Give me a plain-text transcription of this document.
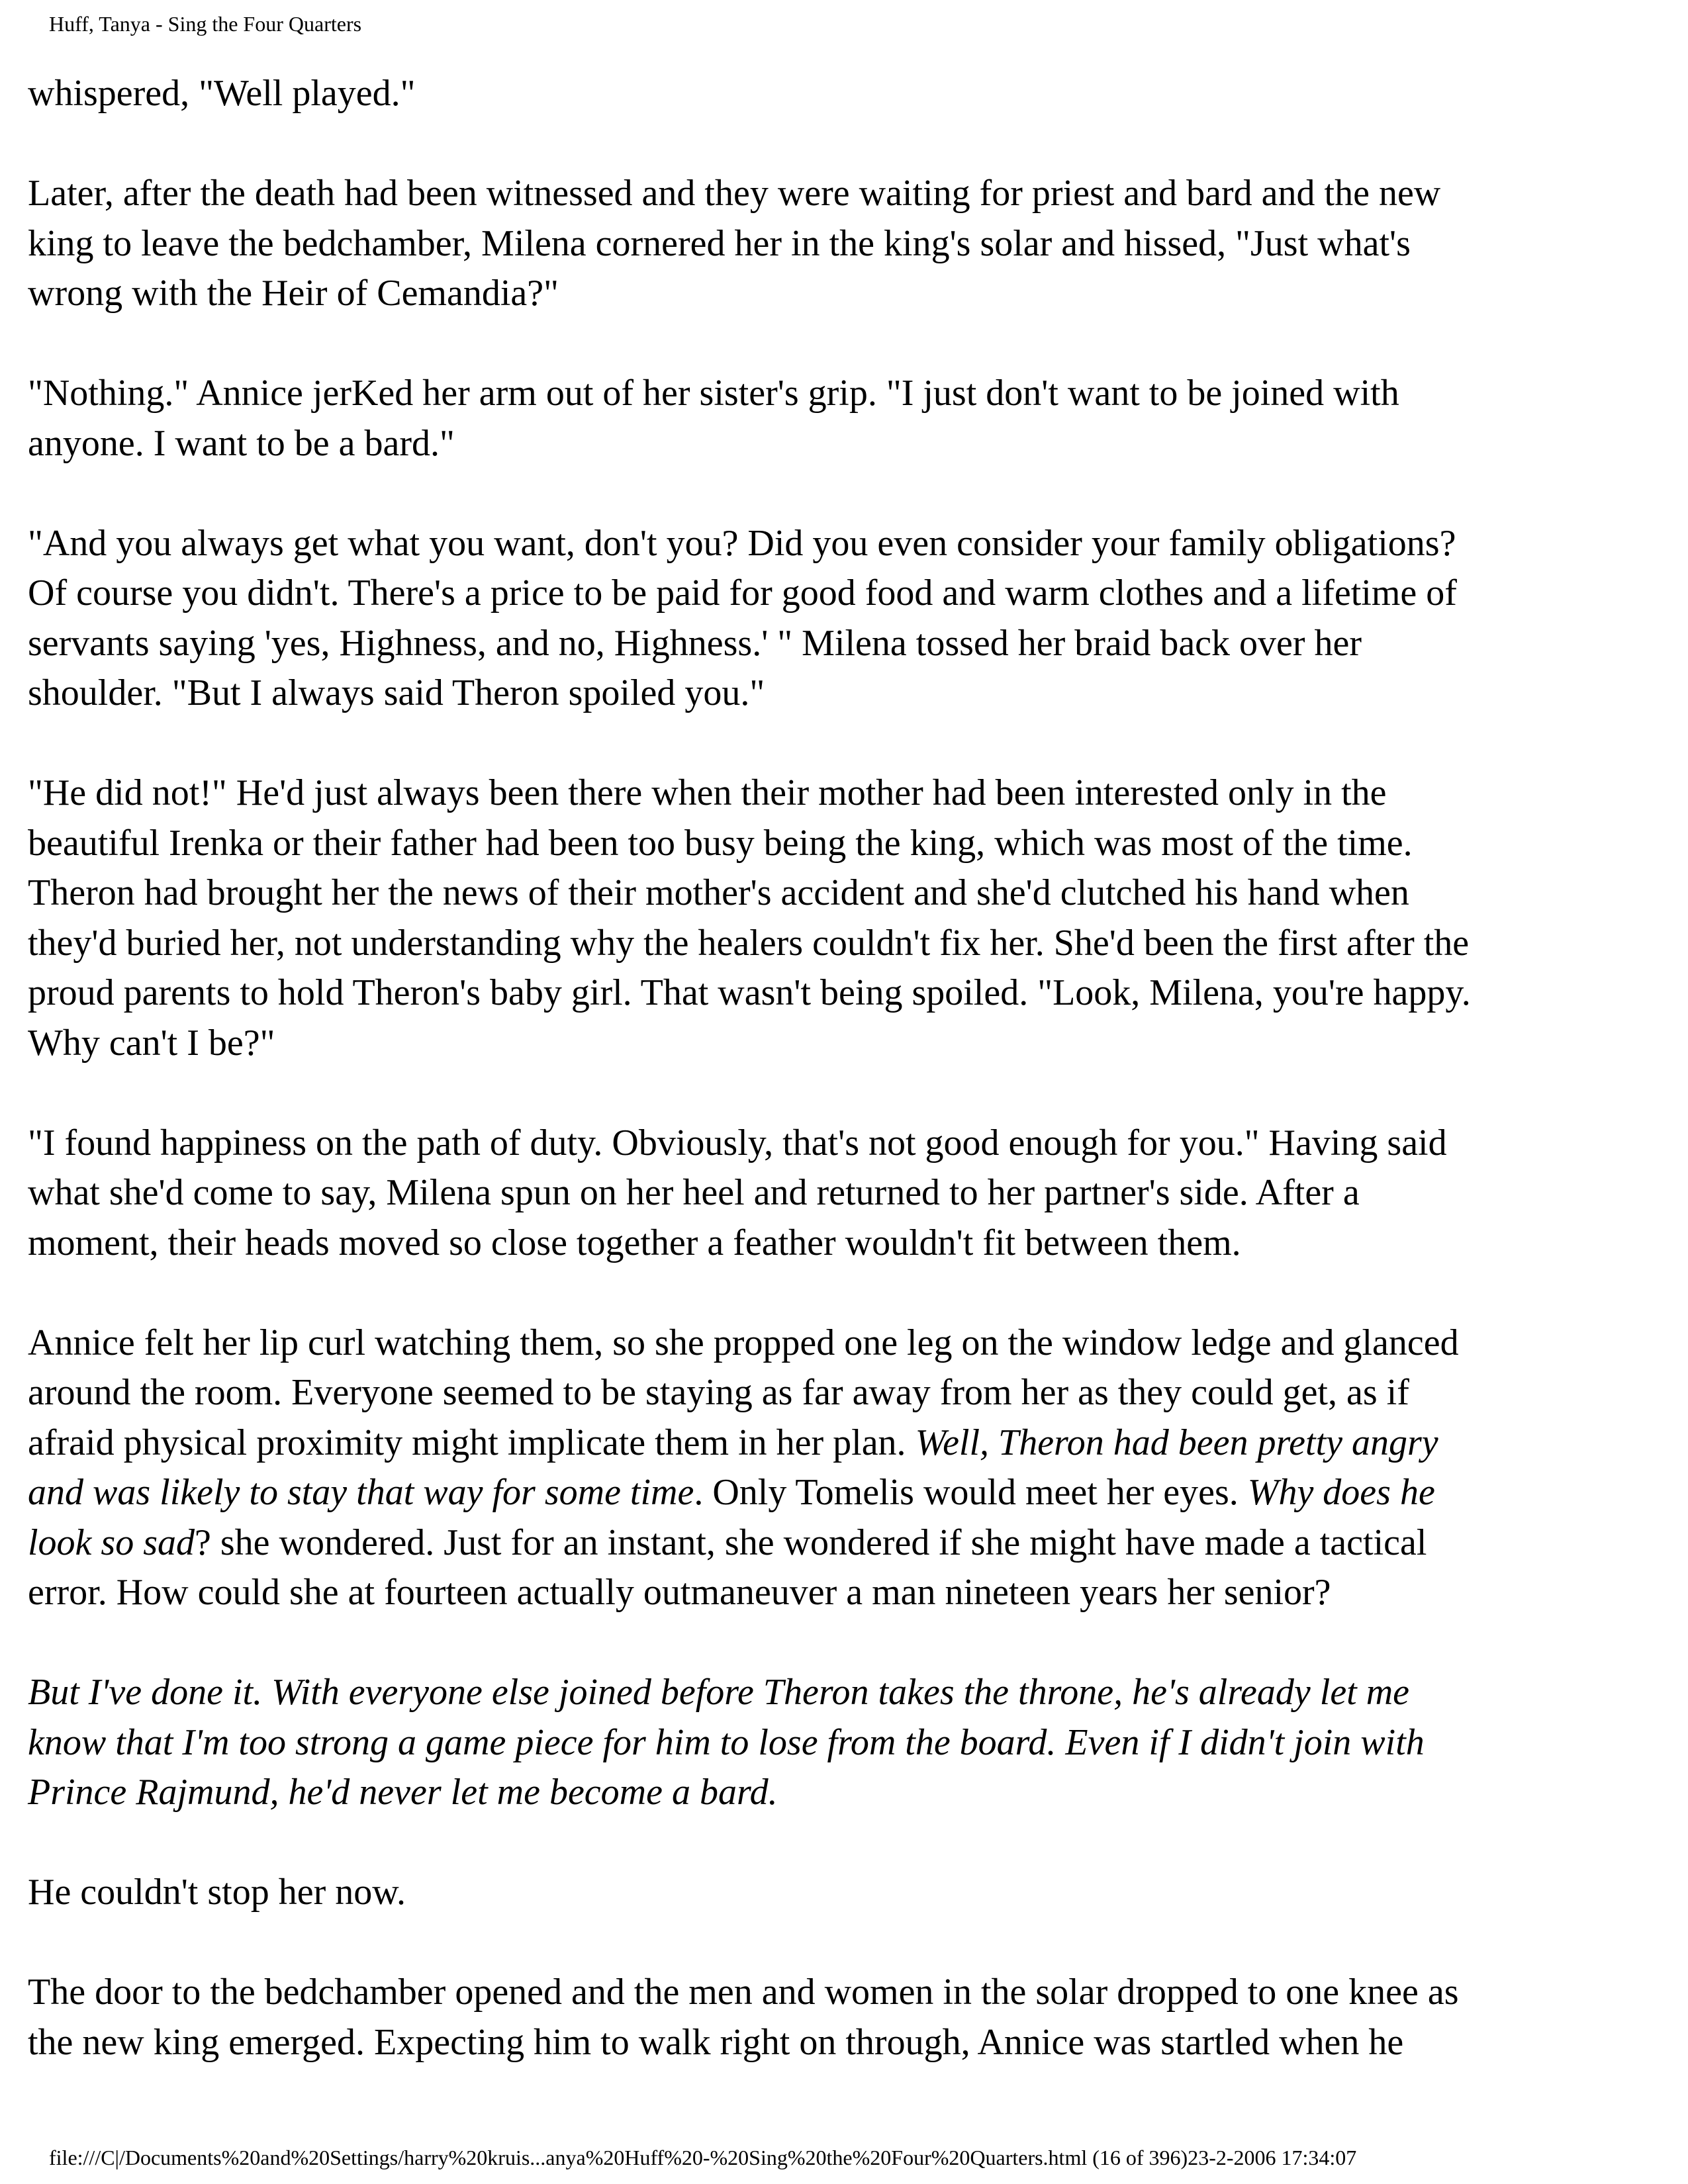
Huff, Tanya - Sing the Four Quarters
whispered, "Well played."
Later, after the death had been witnessed and they were waiting for priest and bard and the new
king to leave the bedchamber, Milena cornered her in the king's solar and hissed, "Just what's
wrong with the Heir of Cemandia?"
"Nothing." Annice jerKed her arm out of her sister's grip. "I just don't want to be joined with
anyone. I want to be a bard."
"And you always get what you want, don't you? Did you even consider your family obligations?
Of course you didn't. There's a price to be paid for good food and warm clothes and a lifetime of
servants saying 'yes, Highness, and no, Highness.' " Milena tossed her braid back over her
shoulder. "But I always said Theron spoiled you."
"He did not!" He'd just always been there when their mother had been interested only in the
beautiful Irenka or their father had been too busy being the king, which was most of the time.
Theron had brought her the news of their mother's accident and she'd clutched his hand when
they'd buried her, not understanding why the healers couldn't fix her. She'd been the first after the
proud parents to hold Theron's baby girl. That wasn't being spoiled. "Look, Milena, you're happy.
Why can't I be?"
"I found happiness on the path of duty. Obviously, that's not good enough for you." Having said
what she'd come to say, Milena spun on her heel and returned to her partner's side. After a
moment, their heads moved so close together a feather wouldn't fit between them.
Annice felt her lip curl watching them, so she propped one leg on the window ledge and glanced
around the room. Everyone seemed to be staying as far away from her as they could get, as if
afraid physical proximity might implicate them in her plan. Well, Theron had been pretty angry
and was likely to stay that way for some time. Only Tomelis would meet her eyes. Why does he
look so sad? she wondered. Just for an instant, she wondered if she might have made a tactical
error. How could she at fourteen actually outmaneuver a man nineteen years her senior?
But I've done it. With everyone else joined before Theron takes the throne, he's already let me
know that I'm too strong a game piece for him to lose from the board. Even if I didn't join with
Prince Rajmund, he'd never let me become a bard.
He couldn't stop her now.
The door to the bedchamber opened and the men and women in the solar dropped to one knee as
the new king emerged. Expecting him to walk right on through, Annice was startled when he
file:///C|/Documents%20and%20Settings/harry%20kruis...anya%20Huff%20-%20Sing%20the%20Four%20Quarters.html (16 of 396)23-2-2006 17:34:07
